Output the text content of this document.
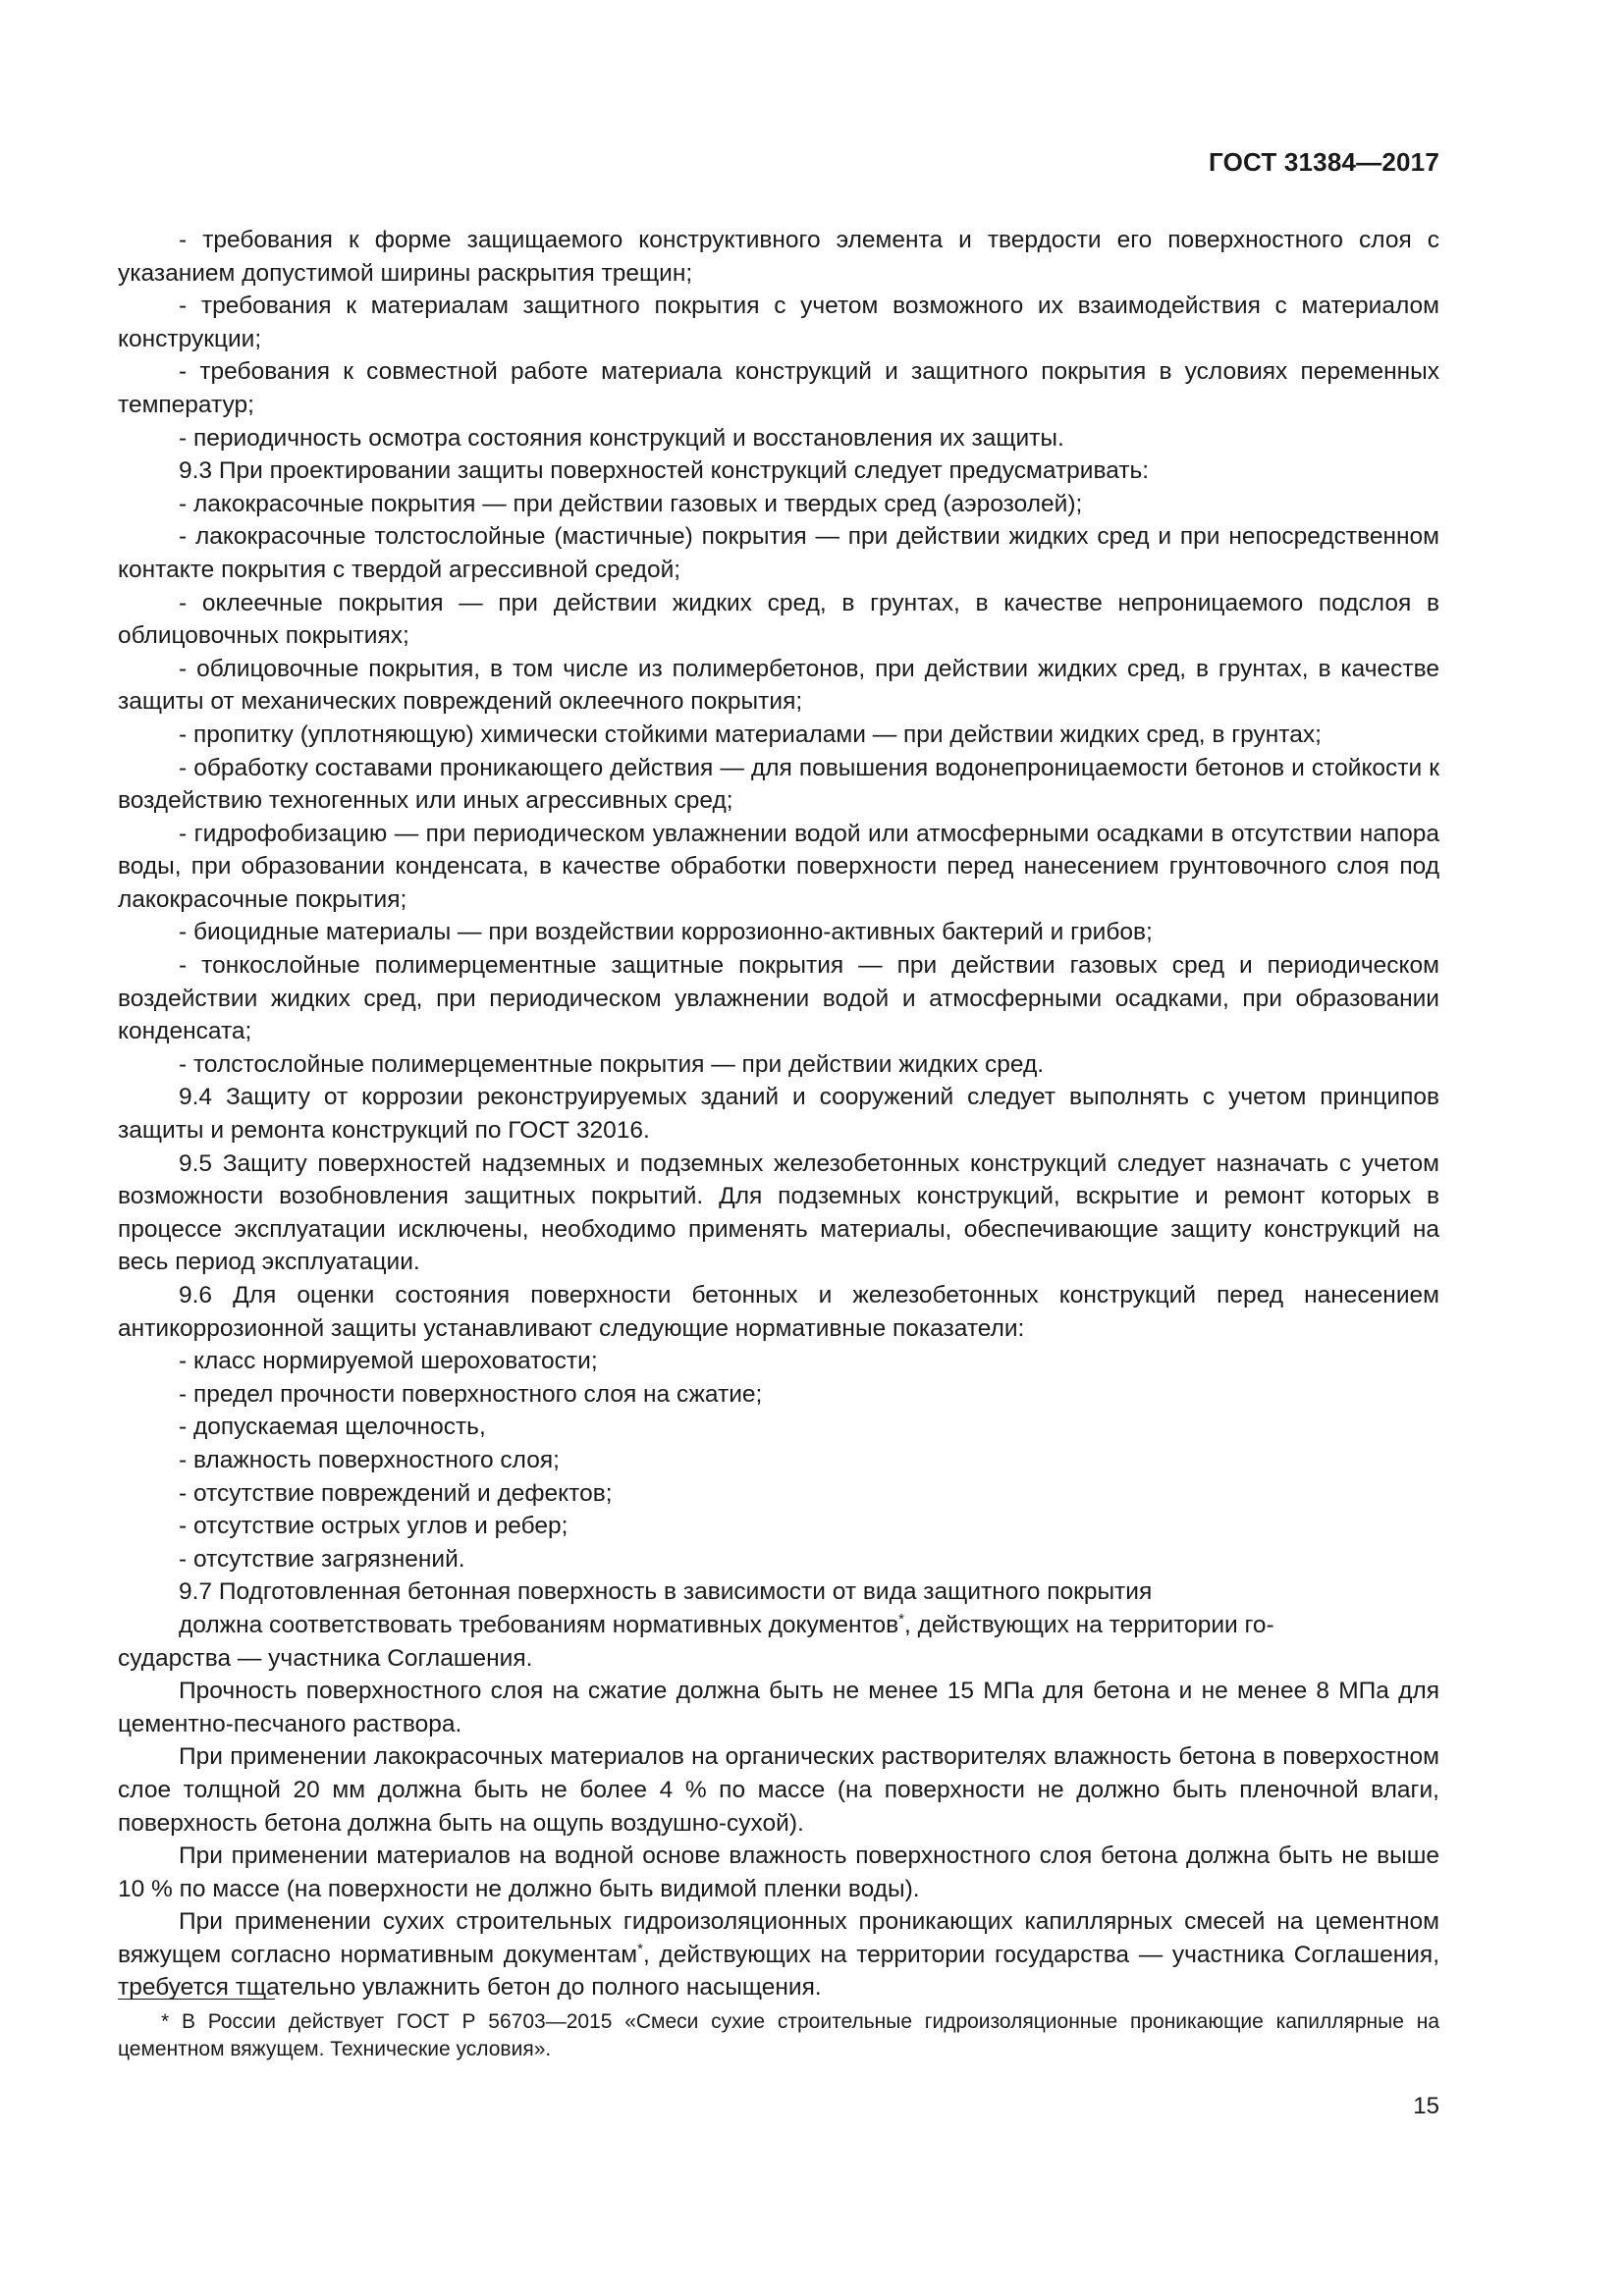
ГОСТ 31384—2017

- требования к форме защищаемого конструктивного элемента и твердости его поверхностного слоя с указанием допустимой ширины раскрытия трещин;

- требования к материалам защитного покрытия с учетом возможного их взаимодействия с материалом конструкции;

- требования к совместной работе материала конструкций и защитного покрытия в условиях переменных температур;

- периодичность осмотра состояния конструкций и восстановления их защиты.

9.3 При проектировании защиты поверхностей конструкций следует предусматривать:

- лакокрасочные покрытия — при действии газовых и твердых сред (аэрозолей);

- лакокрасочные толстослойные (мастичные) покрытия — при действии жидких сред и при непосредственном контакте покрытия с твердой агрессивной средой;

- оклеечные покрытия — при действии жидких сред, в грунтах, в качестве непроницаемого подслоя в облицовочных покрытиях;

- облицовочные покрытия, в том числе из полимербетонов, при действии жидких сред, в грунтах, в качестве защиты от механических повреждений оклеечного покрытия;

- пропитку (уплотняющую) химически стойкими материалами — при действии жидких сред, в грунтах;

- обработку составами проникающего действия — для повышения водонепроницаемости бетонов и стойкости к воздействию техногенных или иных агрессивных сред;

- гидрофобизацию — при периодическом увлажнении водой или атмосферными осадками в отсутствии напора воды, при образовании конденсата, в качестве обработки поверхности перед нанесением грунтовочного слоя под лакокрасочные покрытия;

- биоцидные материалы — при воздействии коррозионно-активных бактерий и грибов;

- тонкослойные полимерцементные защитные покрытия — при действии газовых сред и периодическом воздействии жидких сред, при периодическом увлажнении водой и атмосферными осадками, при образовании конденсата;

- толстослойные полимерцементные покрытия — при действии жидких сред.

9.4 Защиту от коррозии реконструируемых зданий и сооружений следует выполнять с учетом принципов защиты и ремонта конструкций по ГОСТ 32016.

9.5 Защиту поверхностей надземных и подземных железобетонных конструкций следует назначать с учетом возможности возобновления защитных покрытий. Для подземных конструкций, вскрытие и ремонт которых в процессе эксплуатации исключены, необходимо применять материалы, обеспечивающие защиту конструкций на весь период эксплуатации.

9.6 Для оценки состояния поверхности бетонных и железобетонных конструкций перед нанесением антикоррозионной защиты устанавливают следующие нормативные показатели:

- класс нормируемой шероховатости;

- предел прочности поверхностного слоя на сжатие;

- допускаемая щелочность,

- влажность поверхностного слоя;

- отсутствие повреждений и дефектов;

- отсутствие острых углов и ребер;

- отсутствие загрязнений.

9.7 Подготовленная бетонная поверхность в зависимости от вида защитного покрытия

должна соответствовать требованиям нормативных документов*, действующих на территории го-

сударства — участника Соглашения.

Прочность поверхностного слоя на сжатие должна быть не менее 15 МПа для бетона и не менее 8 МПа для цементно-песчаного раствора.

При применении лакокрасочных материалов на органических растворителях влажность бетона в поверхостном слое толщной 20 мм должна быть не более 4 % по массе (на поверхности не должно быть пленочной влаги, поверхность бетона должна быть на ощупь воздушно-сухой).

При применении материалов на водной основе влажность поверхностного слоя бетона должна быть не выше 10 % по массе (на поверхности не должно быть видимой пленки воды).

При применении сухих строительных гидроизоляционных проникающих капиллярных смесей на цементном вяжущем согласно нормативным документам*, действующих на территории государства — участника Соглашения, требуется тщательно увлажнить бетон до полного насыщения.

* В России действует ГОСТ Р 56703—2015 «Смеси сухие строительные гидроизоляционные проникающие капиллярные на цементном вяжущем. Технические условия».

15
